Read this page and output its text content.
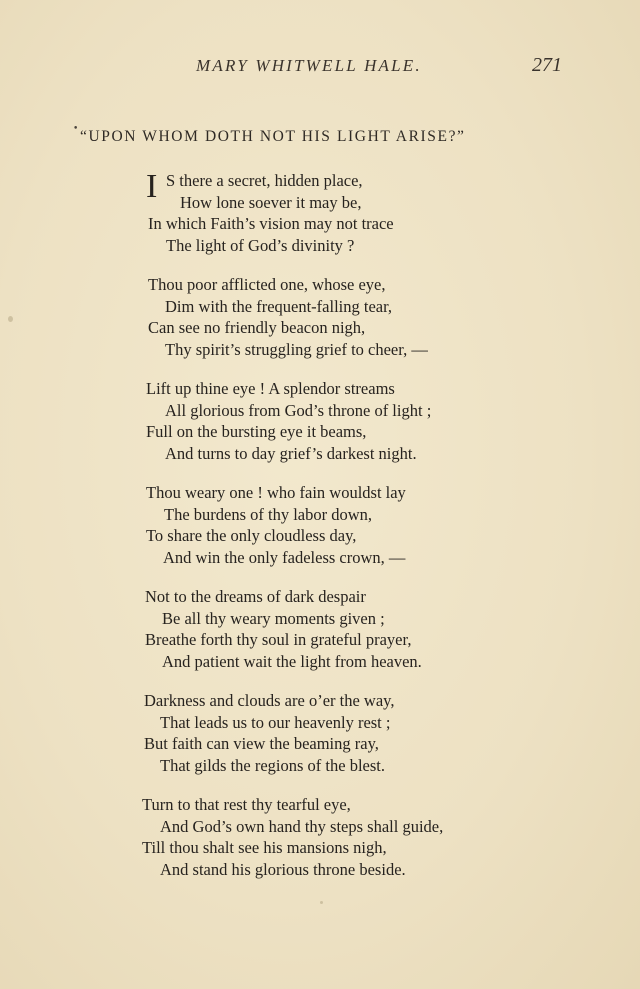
MARY WHITWELL HALE.	271
• “UPON WHOM DOTH NOT HIS LIGHT ARISE?”
I S there a secret, hidden place,
How lone soever it may be,
In which Faith’s vision may not trace
The light of God’s divinity ?
Thou poor afflicted one, whose eye,
Dim with the frequent-falling tear,
Can see no friendly beacon nigh,
Thy spirit’s struggling grief to cheer, —
Lift up thine eye ! A splendor streams
All glorious from God’s throne of light ;
Full on the bursting eye it beams,
And turns to day grief’s darkest night.
Thou weary one ! who fain wouldst lay
The burdens of thy labor down,
To share the only cloudless day,
And win the only fadeless crown, —
Not to the dreams of dark despair
Be all thy weary moments given ;
Breathe forth thy soul in grateful prayer,
And patient wait the light from heaven.
Darkness and clouds are o’er the way,
That leads us to our heavenly rest ;
But faith can view the beaming ray,
That gilds the regions of the blest.
Turn to that rest thy tearful eye,
And God’s own hand thy steps shall guide,
Till thou shalt see his mansions nigh,
And stand his glorious throne beside.
